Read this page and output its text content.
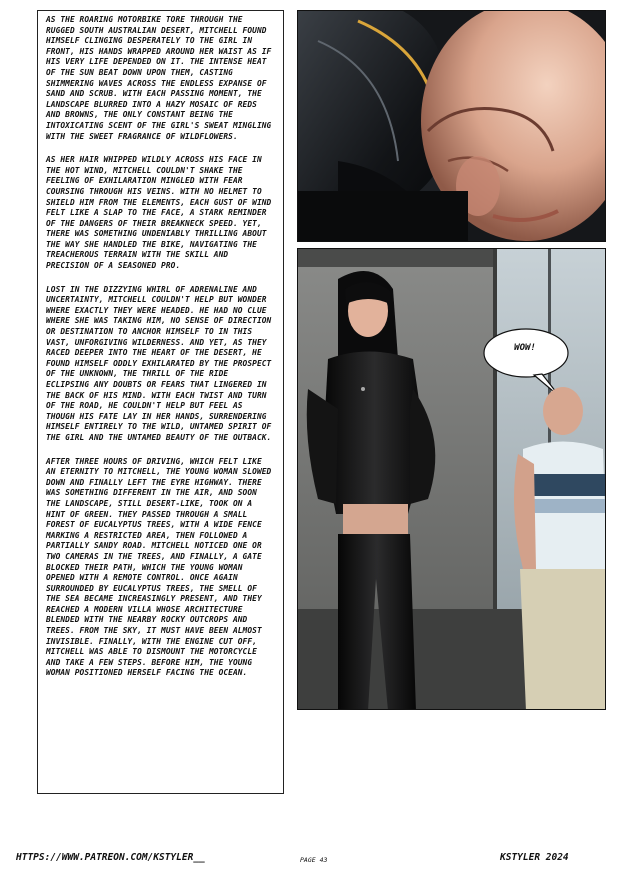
AS THE ROARING MOTORBIKE TORE THROUGH THE RUGGED SOUTH AUSTRALIAN DESERT, MITCHELL FOUND HIMSELF CLINGING DESPERATELY TO THE GIRL IN FRONT, HIS HANDS WRAPPED AROUND HER WAIST AS IF HIS VERY LIFE DEPENDED ON IT. THE INTENSE HEAT OF THE SUN BEAT DOWN UPON THEM, CASTING SHIMMERING WAVES ACROSS THE ENDLESS EXPANSE OF SAND AND SCRUB. WITH EACH PASSING MOMENT, THE LANDSCAPE BLURRED INTO A HAZY MOSAIC OF REDS AND BROWNS, THE ONLY CONSTANT BEING THE INTOXICATING SCENT OF THE GIRL'S SWEAT MINGLING WITH THE SWEET FRAGRANCE OF WILDFLOWERS.

AS HER HAIR WHIPPED WILDLY ACROSS HIS FACE IN THE HOT WIND, MITCHELL COULDN'T SHAKE THE FEELING OF EXHILARATION MINGLED WITH FEAR COURSING THROUGH HIS VEINS. WITH NO HELMET TO SHIELD HIM FROM THE ELEMENTS, EACH GUST OF WIND FELT LIKE A SLAP TO THE FACE, A STARK REMINDER OF THE DANGERS OF THEIR BREAKNECK SPEED. YET, THERE WAS SOMETHING UNDENIABLY THRILLING ABOUT THE WAY SHE HANDLED THE BIKE, NAVIGATING THE TREACHEROUS TERRAIN WITH THE SKILL AND PRECISION OF A SEASONED PRO.

LOST IN THE DIZZYING WHIRL OF ADRENALINE AND UNCERTAINTY, MITCHELL COULDN'T HELP BUT WONDER WHERE EXACTLY THEY WERE HEADED. HE HAD NO CLUE WHERE SHE WAS TAKING HIM, NO SENSE OF DIRECTION OR DESTINATION TO ANCHOR HIMSELF TO IN THIS VAST, UNFORGIVING WILDERNESS. AND YET, AS THEY RACED DEEPER INTO THE HEART OF THE DESERT, HE FOUND HIMSELF ODDLY EXHILARATED BY THE PROSPECT OF THE UNKNOWN, THE THRILL OF THE RIDE ECLIPSING ANY DOUBTS OR FEARS THAT LINGERED IN THE BACK OF HIS MIND. WITH EACH TWIST AND TURN OF THE ROAD, HE COULDN'T HELP BUT FEEL AS THOUGH HIS FATE LAY IN HER HANDS, SURRENDERING HIMSELF ENTIRELY TO THE WILD, UNTAMED SPIRIT OF THE GIRL AND THE UNTAMED BEAUTY OF THE OUTBACK.

AFTER THREE HOURS OF DRIVING, WHICH FELT LIKE AN ETERNITY TO MITCHELL, THE YOUNG WOMAN SLOWED DOWN AND FINALLY LEFT THE EYRE HIGHWAY. THERE WAS SOMETHING DIFFERENT IN THE AIR, AND SOON THE LANDSCAPE, STILL DESERT-LIKE, TOOK ON A HINT OF GREEN. THEY PASSED THROUGH A SMALL FOREST OF EUCALYPTUS TREES, WITH A WIDE FENCE MARKING A RESTRICTED AREA, THEN FOLLOWED A PARTIALLY SANDY ROAD. MITCHELL NOTICED ONE OR TWO CAMERAS IN THE TREES, AND FINALLY, A GATE BLOCKED THEIR PATH, WHICH THE YOUNG WOMAN OPENED WITH A REMOTE CONTROL. ONCE AGAIN SURROUNDED BY EUCALYPTUS TREES, THE SMELL OF THE SEA BECAME INCREASINGLY PRESENT, AND THEY REACHED A MODERN VILLA WHOSE ARCHITECTURE BLENDED WITH THE NEARBY ROCKY OUTCROPS AND TREES. FROM THE SKY, IT MUST HAVE BEEN ALMOST INVISIBLE. FINALLY, WITH THE ENGINE CUT OFF, MITCHELL WAS ABLE TO DISMOUNT THE MOTORCYCLE AND TAKE A FEW STEPS. BEFORE HIM, THE YOUNG WOMAN POSITIONED HERSELF FACING THE OCEAN.

WOW!
HTTPS://WWW.PATREON.COM/KSTYLER__	PAGE 43	KSTYLER 2024
